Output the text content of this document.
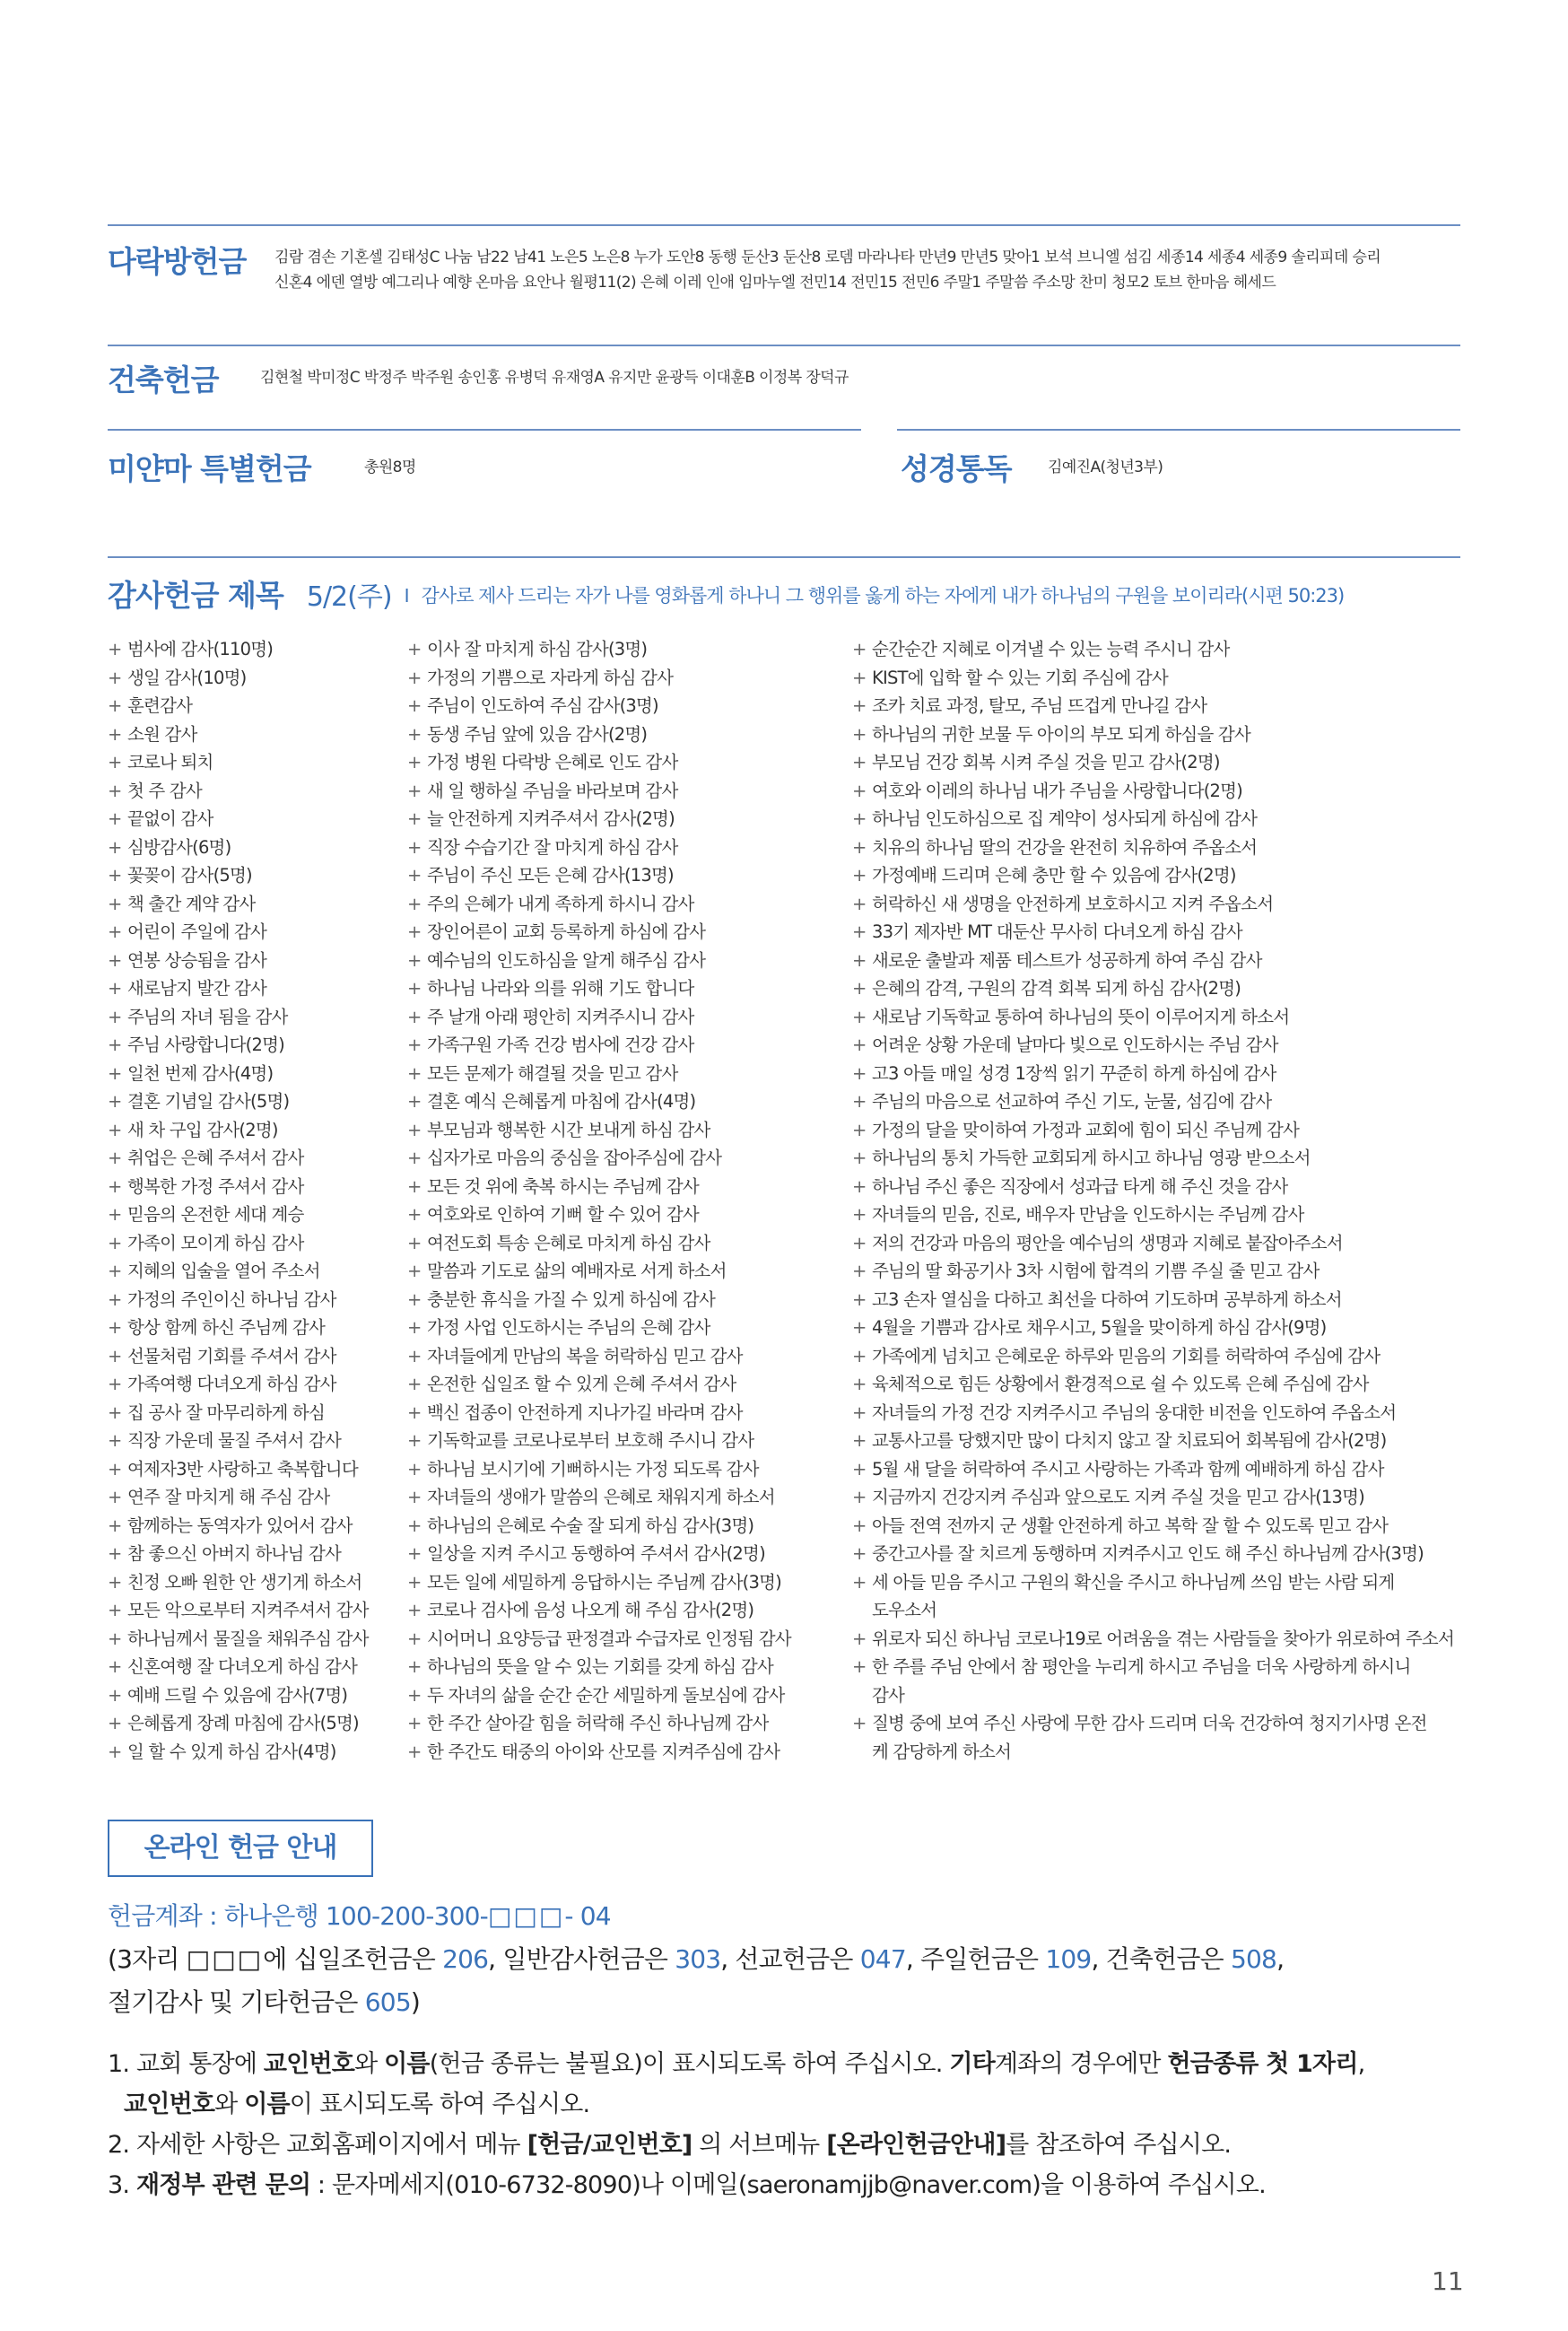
다락방헌금 김람 겸손 기혼셀 김태성C 나눔 남22 남41 노은5 노은8 누가 도안8 동행 둔산3 둔산8 로뎀 마라나타 만년9 만년5 맞아1 보석 브니엘 섬김 세종14 세종4 세종9 솔리피데 승리
신혼4 에덴 열방 예그리나 예향 온마음 요안나 월평11(2) 은혜 이레 인애 임마누엘 전민14 전민15 전민6 주말1 주말씀 주소망 찬미 청모2 토브 한마음 헤세드
건축헌금	김현철 박미정C 박정주 박주원 송인홍 유병덕 유재영A 유지만 윤광득 이대훈B 이정복 장덕규
미얀마 특별헌금	총원8명	성경통독 김예진A(청년3부)
감사헌금 제목 5/2(주) I 감사로 제사 드리는 자가 나를 영화롭게 하나니 그 행위를 옳게 하는 자에게 내가 하나님의 구원을 보이리라(시편 50:23)
+ 범사에 감사(110명)
+ 생일 감사(10명)
+ 훈련감사
+ 소원 감사
+ 코로나 퇴치
+ 첫 주 감사
+ 끝없이 감사
+ 심방감사(6명)
+ 꽃꽂이 감사(5명)
+ 책 출간 계약 감사
+ 어린이 주일에 감사
+ 연봉 상승됨을 감사
+ 새로남지 발간 감사
+ 주님의 자녀 됨을 감사
+ 주님 사랑합니다(2명)
+ 일천 번제 감사(4명)
+ 결혼 기념일 감사(5명)
+ 새 차 구입 감사(2명)
+ 취업은 은혜 주셔서 감사
+ 행복한 가정 주셔서 감사
+ 믿음의 온전한 세대 계승
+ 가족이 모이게 하심 감사
+ 지혜의 입술을 열어 주소서
+ 가정의 주인이신 하나님 감사
+ 항상 함께 하신 주님께 감사
+ 선물처럼 기회를 주셔서 감사
+ 가족여행 다녀오게 하심 감사
+ 집 공사 잘 마무리하게 하심
+ 직장 가운데 물질 주셔서 감사
+ 여제자3반 사랑하고 축복합니다
+ 연주 잘 마치게 해 주심 감사
+ 함께하는 동역자가 있어서 감사
+ 참 좋으신 아버지 하나님 감사
+ 친정 오빠 원한 안 생기게 하소서
+ 모든 악으로부터 지켜주셔서 감사
+ 하나님께서 물질을 채워주심 감사
+ 신혼여행 잘 다녀오게 하심 감사
+ 예배 드릴 수 있음에 감사(7명)
+ 은혜롭게 장례 마침에 감사(5명)
+ 일 할 수 있게 하심 감사(4명)
+ 이사 잘 마치게 하심 감사(3명)
+ 가정의 기쁨으로 자라게 하심 감사
+ 주님이 인도하여 주심 감사(3명)
+ 동생 주님 앞에 있음 감사(2명)
+ 가정 병원 다락방 은혜로 인도 감사
+ 새 일 행하실 주님을 바라보며 감사
+ 늘 안전하게 지켜주셔서 감사(2명)
+ 직장 수습기간 잘 마치게 하심 감사
+ 주님이 주신 모든 은혜 감사(13명)
+ 주의 은혜가 내게 족하게 하시니 감사
+ 장인어른이 교회 등록하게 하심에 감사
+ 예수님의 인도하심을 알게 해주심 감사
+ 하나님 나라와 의를 위해 기도 합니다
+ 주 날개 아래 평안히 지켜주시니 감사
+ 가족구원 가족 건강 범사에 건강 감사
+ 모든 문제가 해결될 것을 믿고 감사
+ 결혼 예식 은혜롭게 마침에 감사(4명)
+ 부모님과 행복한 시간 보내게 하심 감사
+ 십자가로 마음의 중심을 잡아주심에 감사
+ 모든 것 위에 축복 하시는 주님께 감사
+ 여호와로 인하여 기뻐 할 수 있어 감사
+ 여전도회 특송 은혜로 마치게 하심 감사
+ 말씀과 기도로 삶의 예배자로 서게 하소서
+ 충분한 휴식을 가질 수 있게 하심에 감사
+ 가정 사업 인도하시는 주님의 은혜 감사
+ 자녀들에게 만남의 복을 허락하심 믿고 감사
+ 온전한 십일조 할 수 있게 은혜 주셔서 감사
+ 백신 접종이 안전하게 지나가길 바라며 감사
+ 기독학교를 코로나로부터 보호해 주시니 감사
+ 하나님 보시기에 기뻐하시는 가정 되도록 감사
+ 자녀들의 생애가 말씀의 은혜로 채워지게 하소서
+ 하나님의 은혜로 수술 잘 되게 하심 감사(3명)
+ 일상을 지켜 주시고 동행하여 주셔서 감사(2명)
+ 모든 일에 세밀하게 응답하시는 주님께 감사(3명)
+ 코로나 검사에 음성 나오게 해 주심 감사(2명)
+ 시어머니 요양등급 판정결과 수급자로 인정됨 감사
+ 하나님의 뜻을 알 수 있는 기회를 갖게 하심 감사
+ 두 자녀의 삶을 순간 순간 세밀하게 돌보심에 감사
+ 한 주간 살아갈 힘을 허락해 주신 하나님께 감사
+ 한 주간도 태중의 아이와 산모를 지켜주심에 감사
+ 순간순간 지혜로 이겨낼 수 있는 능력 주시니 감사
+ KIST에 입학 할 수 있는 기회 주심에 감사
+ 조카 치료 과정, 탈모, 주님 뜨겁게 만나길 감사
+ 하나님의 귀한 보물 두 아이의 부모 되게 하심을 감사
+ 부모님 건강 회복 시켜 주실 것을 믿고 감사(2명)
+ 여호와 이레의 하나님 내가 주님을 사랑합니다(2명)
+ 하나님 인도하심으로 집 계약이 성사되게 하심에 감사
+ 치유의 하나님 딸의 건강을 완전히 치유하여 주옵소서
+ 가정예배 드리며 은혜 충만 할 수 있음에 감사(2명)
+ 허락하신 새 생명을 안전하게 보호하시고 지켜 주옵소서
+ 33기 제자반 MT 대둔산 무사히 다녀오게 하심 감사
+ 새로운 출발과 제품 테스트가 성공하게 하여 주심 감사
+ 은혜의 감격, 구원의 감격 회복 되게 하심 감사(2명)
+ 새로남 기독학교 통하여 하나님의 뜻이 이루어지게 하소서
+ 어려운 상황 가운데 날마다 빛으로 인도하시는 주님 감사
+ 고3 아들 매일 성경 1장씩 읽기 꾸준히 하게 하심에 감사
+ 주님의 마음으로 선교하여 주신 기도, 눈물, 섬김에 감사
+ 가정의 달을 맞이하여 가정과 교회에 힘이 되신 주님께 감사
+ 하나님의 통치 가득한 교회되게 하시고 하나님 영광 받으소서
+ 하나님 주신 좋은 직장에서 성과급 타게 해 주신 것을 감사
+ 자녀들의 믿음, 진로, 배우자 만남을 인도하시는 주님께 감사
+ 저의 건강과 마음의 평안을 예수님의 생명과 지혜로 붙잡아주소서
+ 주님의 딸 화공기사 3차 시험에 합격의 기쁨 주실 줄 믿고 감사
+ 고3 손자 열심을 다하고 최선을 다하여 기도하며 공부하게 하소서
+ 4월을 기쁨과 감사로 채우시고, 5월을 맞이하게 하심 감사(9명)
+ 가족에게 넘치고 은혜로운 하루와 믿음의 기회를 허락하여 주심에 감사
+ 육체적으로 힘든 상황에서 환경적으로 쉴 수 있도록 은혜 주심에 감사
+ 자녀들의 가정 건강 지켜주시고 주님의 웅대한 비전을 인도하여 주옵소서
+ 교통사고를 당했지만 많이 다치지 않고 잘 치료되어 회복됨에 감사(2명)
+ 5월 새 달을 허락하여 주시고 사랑하는 가족과 함께 예배하게 하심 감사
+ 지금까지 건강지켜 주심과 앞으로도 지켜 주실 것을 믿고 감사(13명)
+ 아들 전역 전까지 군 생활 안전하게 하고 복학 잘 할 수 있도록 믿고 감사
+ 중간고사를 잘 치르게 동행하며 지켜주시고 인도 해 주신 하나님께 감사(3명)
+ 세 아들 믿음 주시고 구원의 확신을 주시고 하나님께 쓰임 받는 사람 되게
도우소서
+ 위로자 되신 하나님 코로나19로 어려움을 겪는 사람들을 찾아가 위로하여 주소서
+ 한 주를 주님 안에서 참 평안을 누리게 하시고 주님을 더욱 사랑하게 하시니
감사
+ 질병 중에 보여 주신 사랑에 무한 감사 드리며 더욱 건강하여 청지기사명 온전
케 감당하게 하소서
온라인 헌금 안내
헌금계좌 : 하나은행 100-200-300-□□□- 04
(3자리 □□□에 십일조헌금은 206, 일반감사헌금은 303, 선교헌금은 047, 주일헌금은 109, 건축헌금은 508,
절기감사 및 기타헌금은 605)
1. 교회 통장에 교인번호와 이름(헌금 종류는 불필요)이 표시되도록 하여 주십시오. 기타계좌의 경우에만 헌금종류 첫 1자리,
교인번호와 이름이 표시되도록 하여 주십시오.
2. 자세한 사항은 교회홈페이지에서 메뉴 [헌금/교인번호] 의 서브메뉴 [온라인헌금안내]를 참조하여 주십시오.
3. 재정부 관련 문의 : 문자메세지(010-6732-8090)나 이메일(saeronamjjb@naver.com)을 이용하여 주십시오.
11
